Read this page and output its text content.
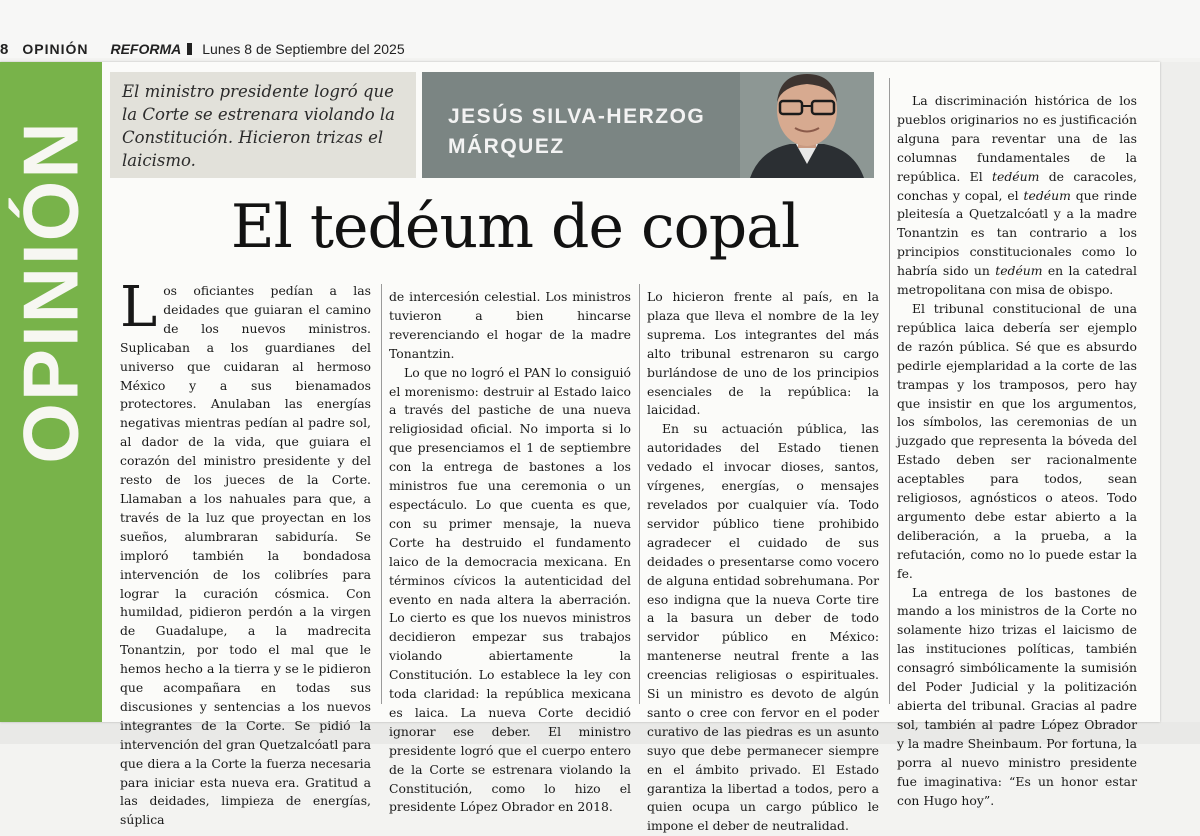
8 OPINIÓN REFORMA Lunes 8 de Septiembre del 2025
OPINIÓN
El ministro presidente logró que la Corte se estrenara violando la Constitución. Hicieron trizas el laicismo.
JESÚS SILVA-HERZOG
MÁRQUEZ
El tedéum de copal

Los oficiantes pedían a las deidades que guiaran el camino de los nuevos ministros. Suplicaban a los guardianes del universo que cuidaran al hermoso México y a sus bienamados protectores. Anulaban las energías negativas mientras pedían al padre sol, al dador de la vida, que guiara el corazón del ministro presidente y del resto de los jueces de la Corte. Llamaban a los nahuales para que, a través de la luz que proyectan en los sueños, alumbraran sabiduría. Se imploró también la bondadosa intervención de los colibríes para lograr la curación cósmica. Con humildad, pidieron perdón a la virgen de Guadalupe, a la madrecita Tonantzin, por todo el mal que le hemos hecho a la tierra y se le pidieron que acompañara en todas sus discusiones y sentencias a los nuevos integrantes de la Corte. Se pidió la intervención del gran Quetzalcóatl para que diera a la Corte la fuerza necesaria para iniciar esta nueva era. Gratitud a las deidades, limpieza de energías, súplica

de intercesión celestial. Los ministros tuvieron a bien hincarse reverenciando el hogar de la madre Tonantzin.

Lo que no logró el PAN lo consiguió el morenismo: destruir al Estado laico a través del pastiche de una nueva religiosidad oficial. No importa si lo que presenciamos el 1 de septiembre con la entrega de bastones a los ministros fue una ceremonia o un espectáculo. Lo que cuenta es que, con su primer mensaje, la nueva Corte ha destruido el fundamento laico de la democracia mexicana. En términos cívicos la autenticidad del evento en nada altera la aberración. Lo cierto es que los nuevos ministros decidieron empezar sus trabajos violando abiertamente la Constitución. Lo establece la ley con toda claridad: la república mexicana es laica. La nueva Corte decidió ignorar ese deber. El ministro presidente logró que el cuerpo entero de la Corte se estrenara violando la Constitución, como lo hizo el presidente López Obrador en 2018.

Lo hicieron frente al país, en la plaza que lleva el nombre de la ley suprema. Los integrantes del más alto tribunal estrenaron su cargo burlándose de uno de los principios esenciales de la república: la laicidad.

En su actuación pública, las autoridades del Estado tienen vedado el invocar dioses, santos, vírgenes, energías, o mensajes revelados por cualquier vía. Todo servidor público tiene prohibido agradecer el cuidado de sus deidades o presentarse como vocero de alguna entidad sobrehumana. Por eso indigna que la nueva Corte tire a la basura un deber de todo servidor público en México: mantenerse neutral frente a las creencias religiosas o espirituales. Si un ministro es devoto de algún santo o cree con fervor en el poder curativo de las piedras es un asunto suyo que debe permanecer siempre en el ámbito privado. El Estado garantiza la libertad a todos, pero a quien ocupa un cargo público le impone el deber de neutralidad.

La discriminación histórica de los pueblos originarios no es justificación alguna para reventar una de las columnas fundamentales de la república. El tedéum de caracoles, conchas y copal, el tedéum que rinde pleitesía a Quetzalcóatl y a la madre Tonantzin es tan contrario a los principios constitucionales como lo habría sido un tedéum en la catedral metropolitana con misa de obispo.

El tribunal constitucional de una república laica debería ser ejemplo de razón pública. Sé que es absurdo pedirle ejemplaridad a la corte de las trampas y los tramposos, pero hay que insistir en que los argumentos, los símbolos, las ceremonias de un juzgado que representa la bóveda del Estado deben ser racionalmente aceptables para todos, sean religiosos, agnósticos o ateos. Todo argumento debe estar abierto a la deliberación, a la prueba, a la refutación, como no lo puede estar la fe.

La entrega de los bastones de mando a los ministros de la Corte no solamente hizo trizas el laicismo de las instituciones políticas, también consagró simbólicamente la sumisión del Poder Judicial y la politización abierta del tribunal. Gracias al padre sol, también al padre López Obrador y la madre Sheinbaum. Por fortuna, la porra al nuevo ministro presidente fue imaginativa: “Es un honor estar con Hugo hoy”.
